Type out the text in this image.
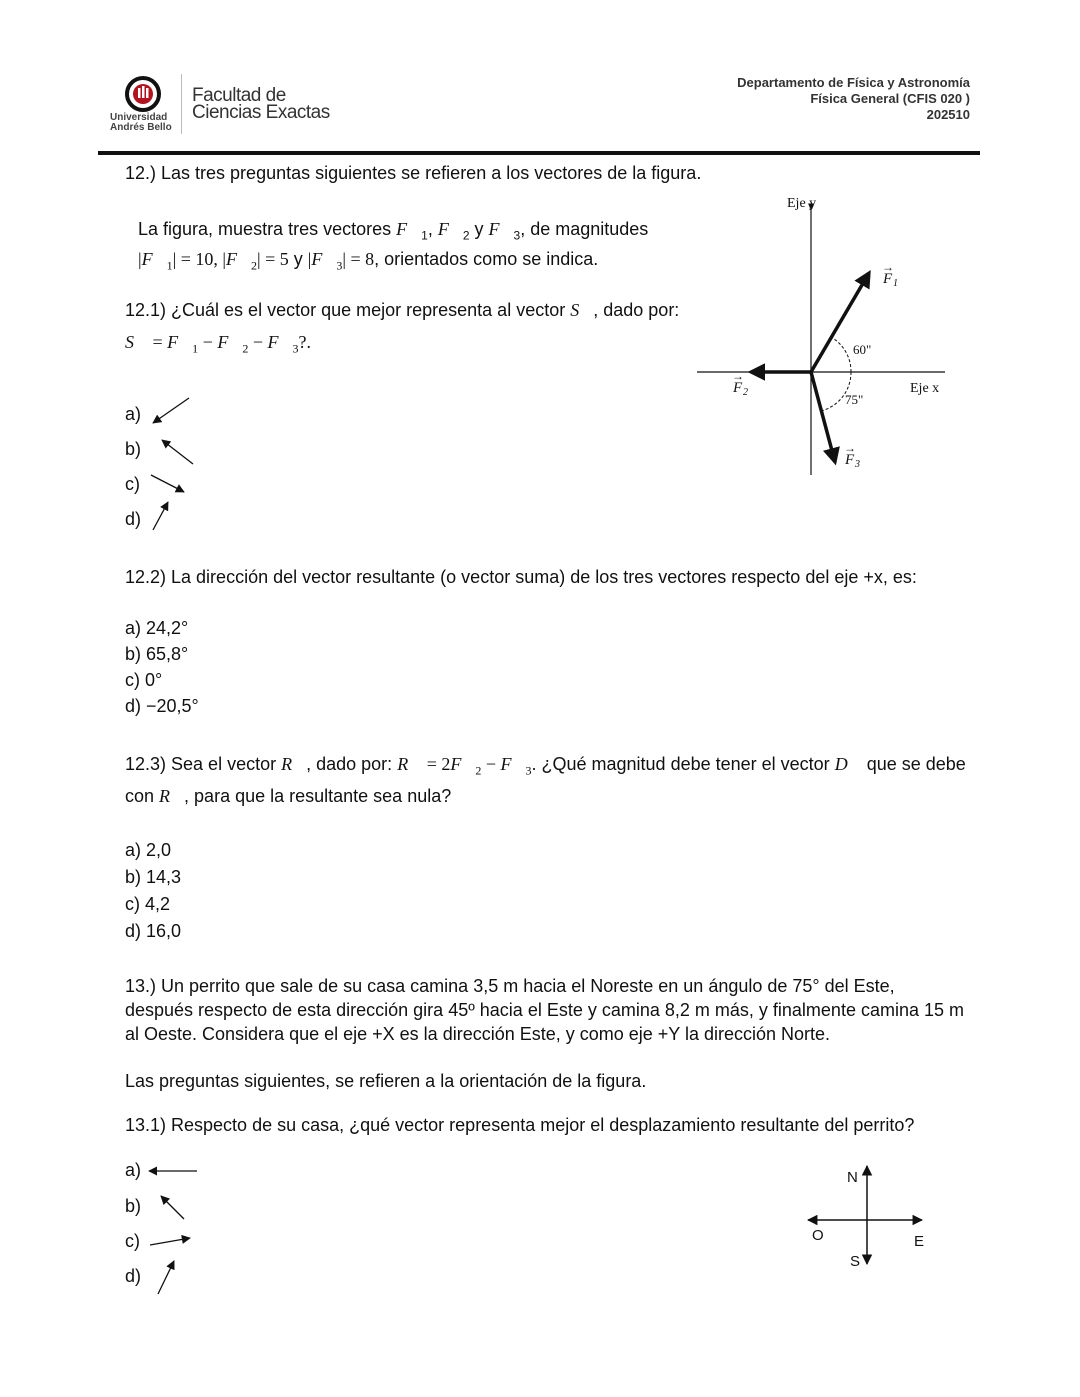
Universidad
Andrés Bello
Facultad de
Ciencias Exactas
Departamento de Física y Astronomía
Física General (CFIS 020 )
202510
12.) Las tres preguntas siguientes se refieren a los vectores de la figura.
La figura, muestra tres vectores $F⃗_1$, $F⃗_2$ y $F⃗_3$, de magnitudes
$|F⃗_1| = 10$, $|F⃗_2| = 5$ y $|F⃗_3| = 8$, orientados como se indica.
12.1) ¿Cuál es el vector que mejor representa al vector S⃗, dado por:
S⃗ = $F⃗_1$ − $F⃗_2$ − $F⃗_3$?.
a)
b)
c)
d)
Eje y
Eje x
60"
75"
F 1
→
F 2
→
F 3
→
12.2) La dirección del vector resultante (o vector suma) de los tres vectores respecto del eje +x, es:
a) 24,2°
b) 65,8°
c) 0°
d) −20,5°
12.3) Sea el vector R⃡, dado por: R⃡ = $2F⃗_2$ − $F⃗_3$. ¿Qué magnitud debe tener el vector D⃡ que se debe
con R⃡, para que la resultante sea nula?
a) 2,0
b) 14,3
c) 4,2
d) 16,0
13.) Un perrito que sale de su casa camina 3,5 m hacia el Noreste en un ángulo de 75° del Este, después respecto de esta dirección gira 45º hacia el Este y camina 8,2 m más, y finalmente camina 15 m al Oeste. Considera que el eje +X es la dirección Este, y como eje +Y la dirección Norte.
Las preguntas siguientes, se refieren a la orientación de la figura.
13.1) Respecto de su casa, ¿qué vector representa mejor el desplazamiento resultante del perrito?
a)
b)
c)
d)
N
O	E
S
